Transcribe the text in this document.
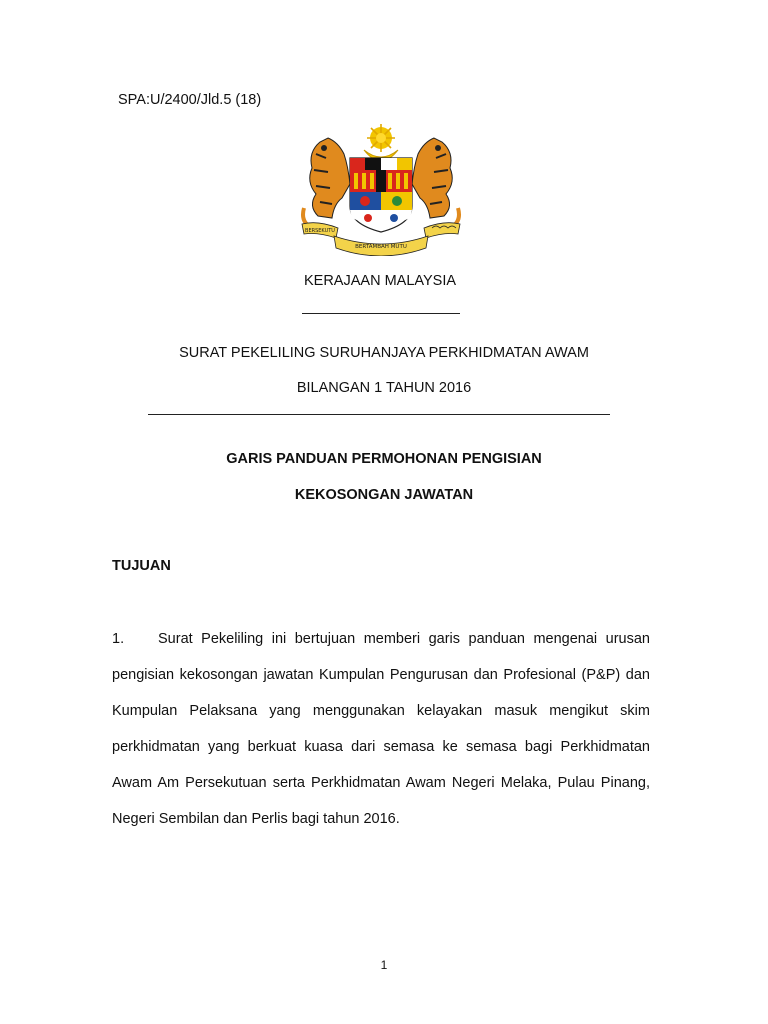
SPA:U/2400/Jld.5 (18)
BERSEKUTU
BERTAMBAH MUTU
KERAJAAN MALAYSIA
SURAT PEKELILING SURUHANJAYA PERKHIDMATAN AWAM
BILANGAN 1 TAHUN 2016
GARIS PANDUAN PERMOHONAN PENGISIAN
KEKOSONGAN JAWATAN
TUJUAN
1. Surat Pekeliling ini bertujuan memberi garis panduan mengenai urusan pengisian kekosongan jawatan Kumpulan Pengurusan dan Profesional (P&P) dan Kumpulan Pelaksana yang menggunakan kelayakan masuk mengikut skim perkhidmatan yang berkuat kuasa dari semasa ke semasa bagi Perkhidmatan Awam Am Persekutuan serta Perkhidmatan Awam Negeri Melaka, Pulau Pinang, Negeri Sembilan dan Perlis bagi tahun 2016.
1
